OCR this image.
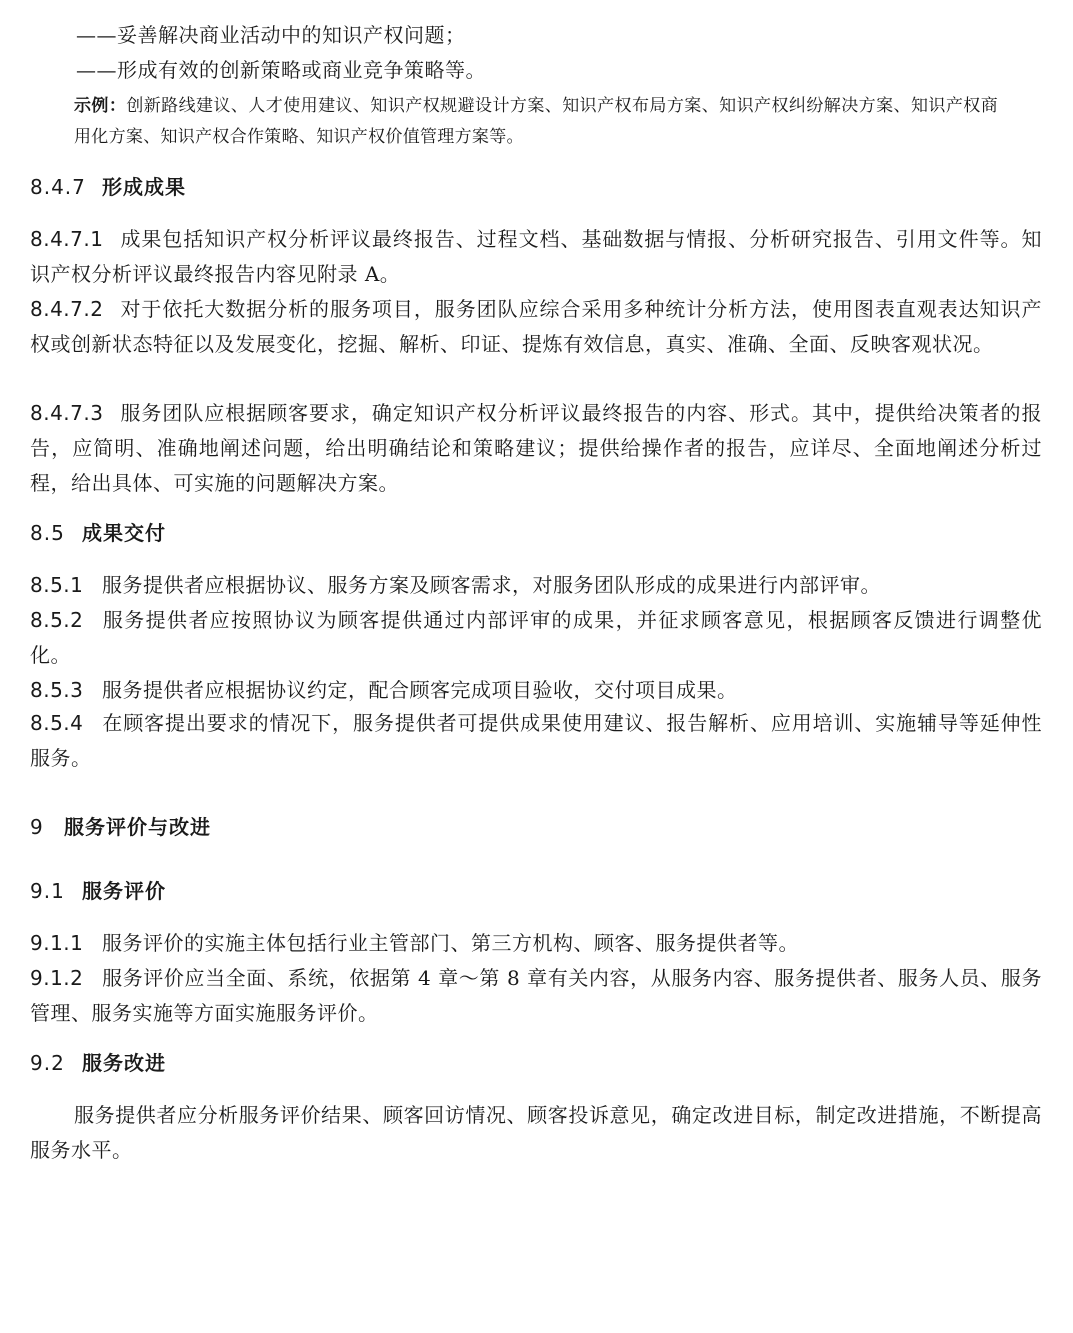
——妥善解决商业活动中的知识产权问题；

——形成有效的创新策略或商业竞争策略等。

示例：创新路线建议、人才使用建议、知识产权规避设计方案、知识产权布局方案、知识产权纠纷解决方案、知识产权商用化方案、知识产权合作策略、知识产权价值管理方案等。

8.4.7 形成成果

8.4.7.1 成果包括知识产权分析评议最终报告、过程文档、基础数据与情报、分析研究报告、引用文件等。知识产权分析评议最终报告内容见附录 A。

8.4.7.2 对于依托大数据分析的服务项目，服务团队应综合采用多种统计分析方法，使用图表直观表达知识产权或创新状态特征以及发展变化，挖掘、解析、印证、提炼有效信息，真实、准确、全面、反映客观状况。

8.4.7.3 服务团队应根据顾客要求，确定知识产权分析评议最终报告的内容、形式。其中，提供给决策者的报告，应简明、准确地阐述问题，给出明确结论和策略建议；提供给操作者的报告，应详尽、全面地阐述分析过程，给出具体、可实施的问题解决方案。

8.5 成果交付

8.5.1 服务提供者应根据协议、服务方案及顾客需求，对服务团队形成的成果进行内部评审。

8.5.2 服务提供者应按照协议为顾客提供通过内部评审的成果，并征求顾客意见，根据顾客反馈进行调整优化。

8.5.3 服务提供者应根据协议约定，配合顾客完成项目验收，交付项目成果。

8.5.4 在顾客提出要求的情况下，服务提供者可提供成果使用建议、报告解析、应用培训、实施辅导等延伸性服务。

9 服务评价与改进
9.1 服务评价

9.1.1 服务评价的实施主体包括行业主管部门、第三方机构、顾客、服务提供者等。

9.1.2 服务评价应当全面、系统，依据第 4 章～第 8 章有关内容，从服务内容、服务提供者、服务人员、服务管理、服务实施等方面实施服务评价。

9.2 服务改进

服务提供者应分析服务评价结果、顾客回访情况、顾客投诉意见，确定改进目标，制定改进措施，不断提高服务水平。
